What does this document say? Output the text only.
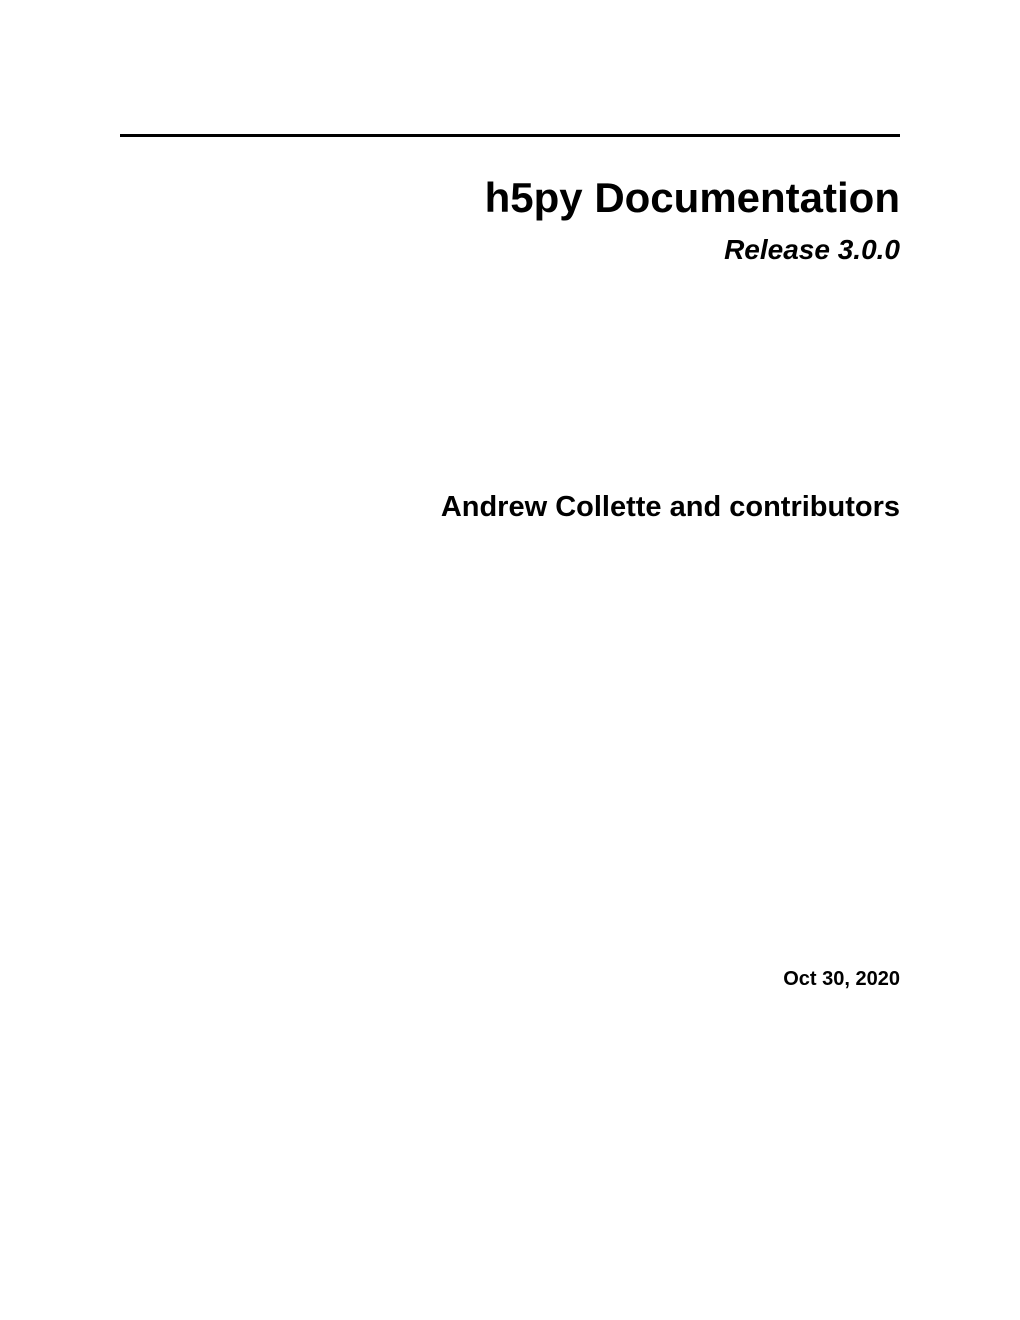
h5py Documentation
Release 3.0.0
Andrew Collette and contributors
Oct 30, 2020
